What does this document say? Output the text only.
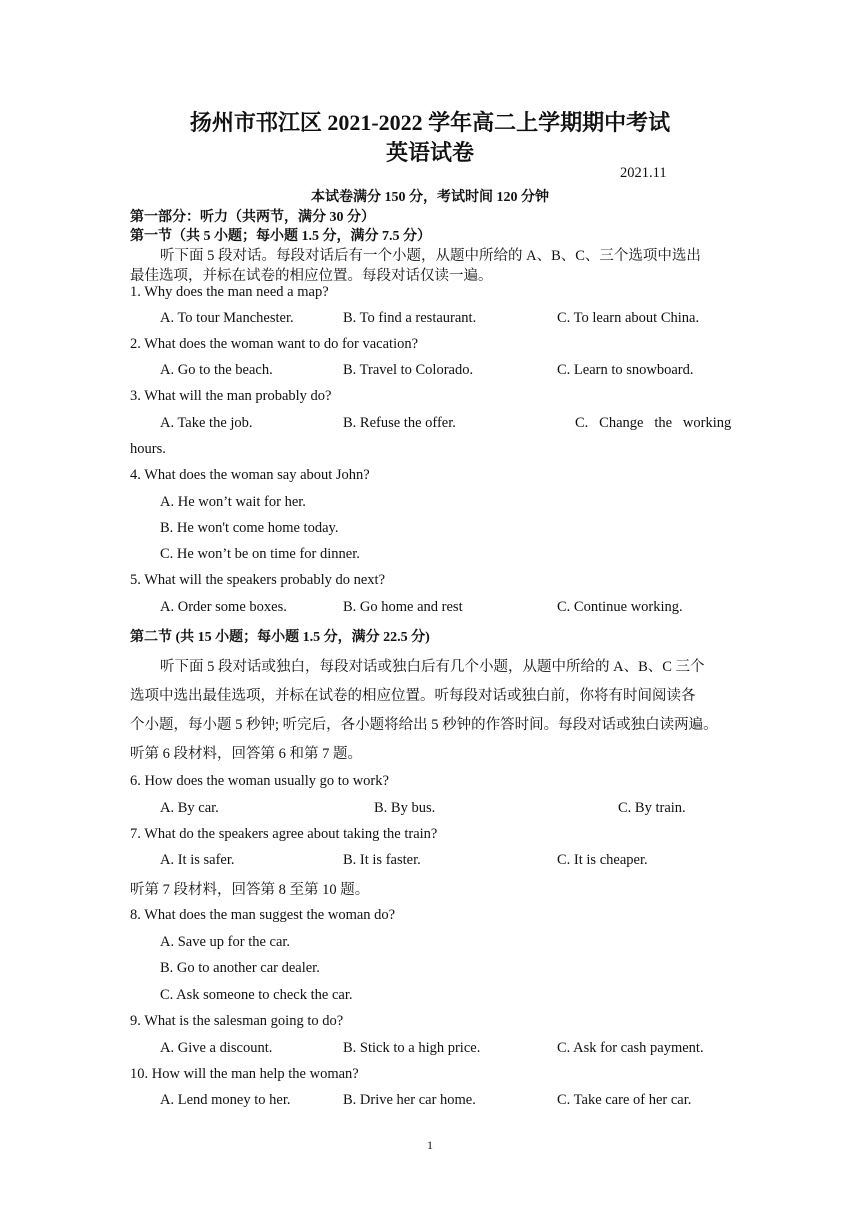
扬州市邗江区 2021-2022 学年高二上学期期中考试
英语试卷
2021.11
本试卷满分 150 分，考试时间 120 分钟
第一部分：听力（共两节，满分 30 分）
第一节（共 5 小题；每小题 1.5 分，满分 7.5 分）
听下面 5 段对话。每段对话后有一个小题，从题中所给的 A、B、C、三个选项中选出
最佳选项，并标在试卷的相应位置。每段对话仅读一遍。
1. Why does the man need a map?
A. To tour Manchester.	B. To find a restaurant.	C. To learn about China.
2. What does the woman want to do for vacation?
A. Go to the beach.	B. Travel to Colorado.	C. Learn to snowboard.
3. What will the man probably do?
A. Take the job.	B. Refuse the offer.	C.   Change   the   working
hours.
4. What does the woman say about John?
A. He won’t wait for her.
B. He won't come home today.
C. He won’t be on time for dinner.
5. What will the speakers probably do next?
A. Order some boxes.	B. Go home and rest	C. Continue working.
第二节 (共 15 小题；每小题 1.5 分，满分 22.5 分)
听下面 5 段对话或独白，每段对话或独白后有几个小题，从题中所给的 A、B、C 三个
选项中选出最佳选项，并标在试卷的相应位置。听每段对话或独白前，你将有时间阅读各
个小题，每小题 5 秒钟; 听完后，各小题将给出 5 秒钟的作答时间。每段对话或独白读两遍。
听第 6 段材料，回答第 6 和第 7 题。
6. How does the woman usually go to work?
A. By car.	B. By bus.	C. By train.
7. What do the speakers agree about taking the train?
A. It is safer.	B. It is faster.	C. It is cheaper.
听第 7 段材料，回答第 8 至第 10 题。
8. What does the man suggest the woman do?
A. Save up for the car.
B. Go to another car dealer.
C. Ask someone to check the car.
9. What is the salesman going to do?
A. Give a discount.	B. Stick to a high price.	C. Ask for cash payment.
10. How will the man help the woman?
A. Lend money to her.	B. Drive her car home.	C. Take care of her car.
1
